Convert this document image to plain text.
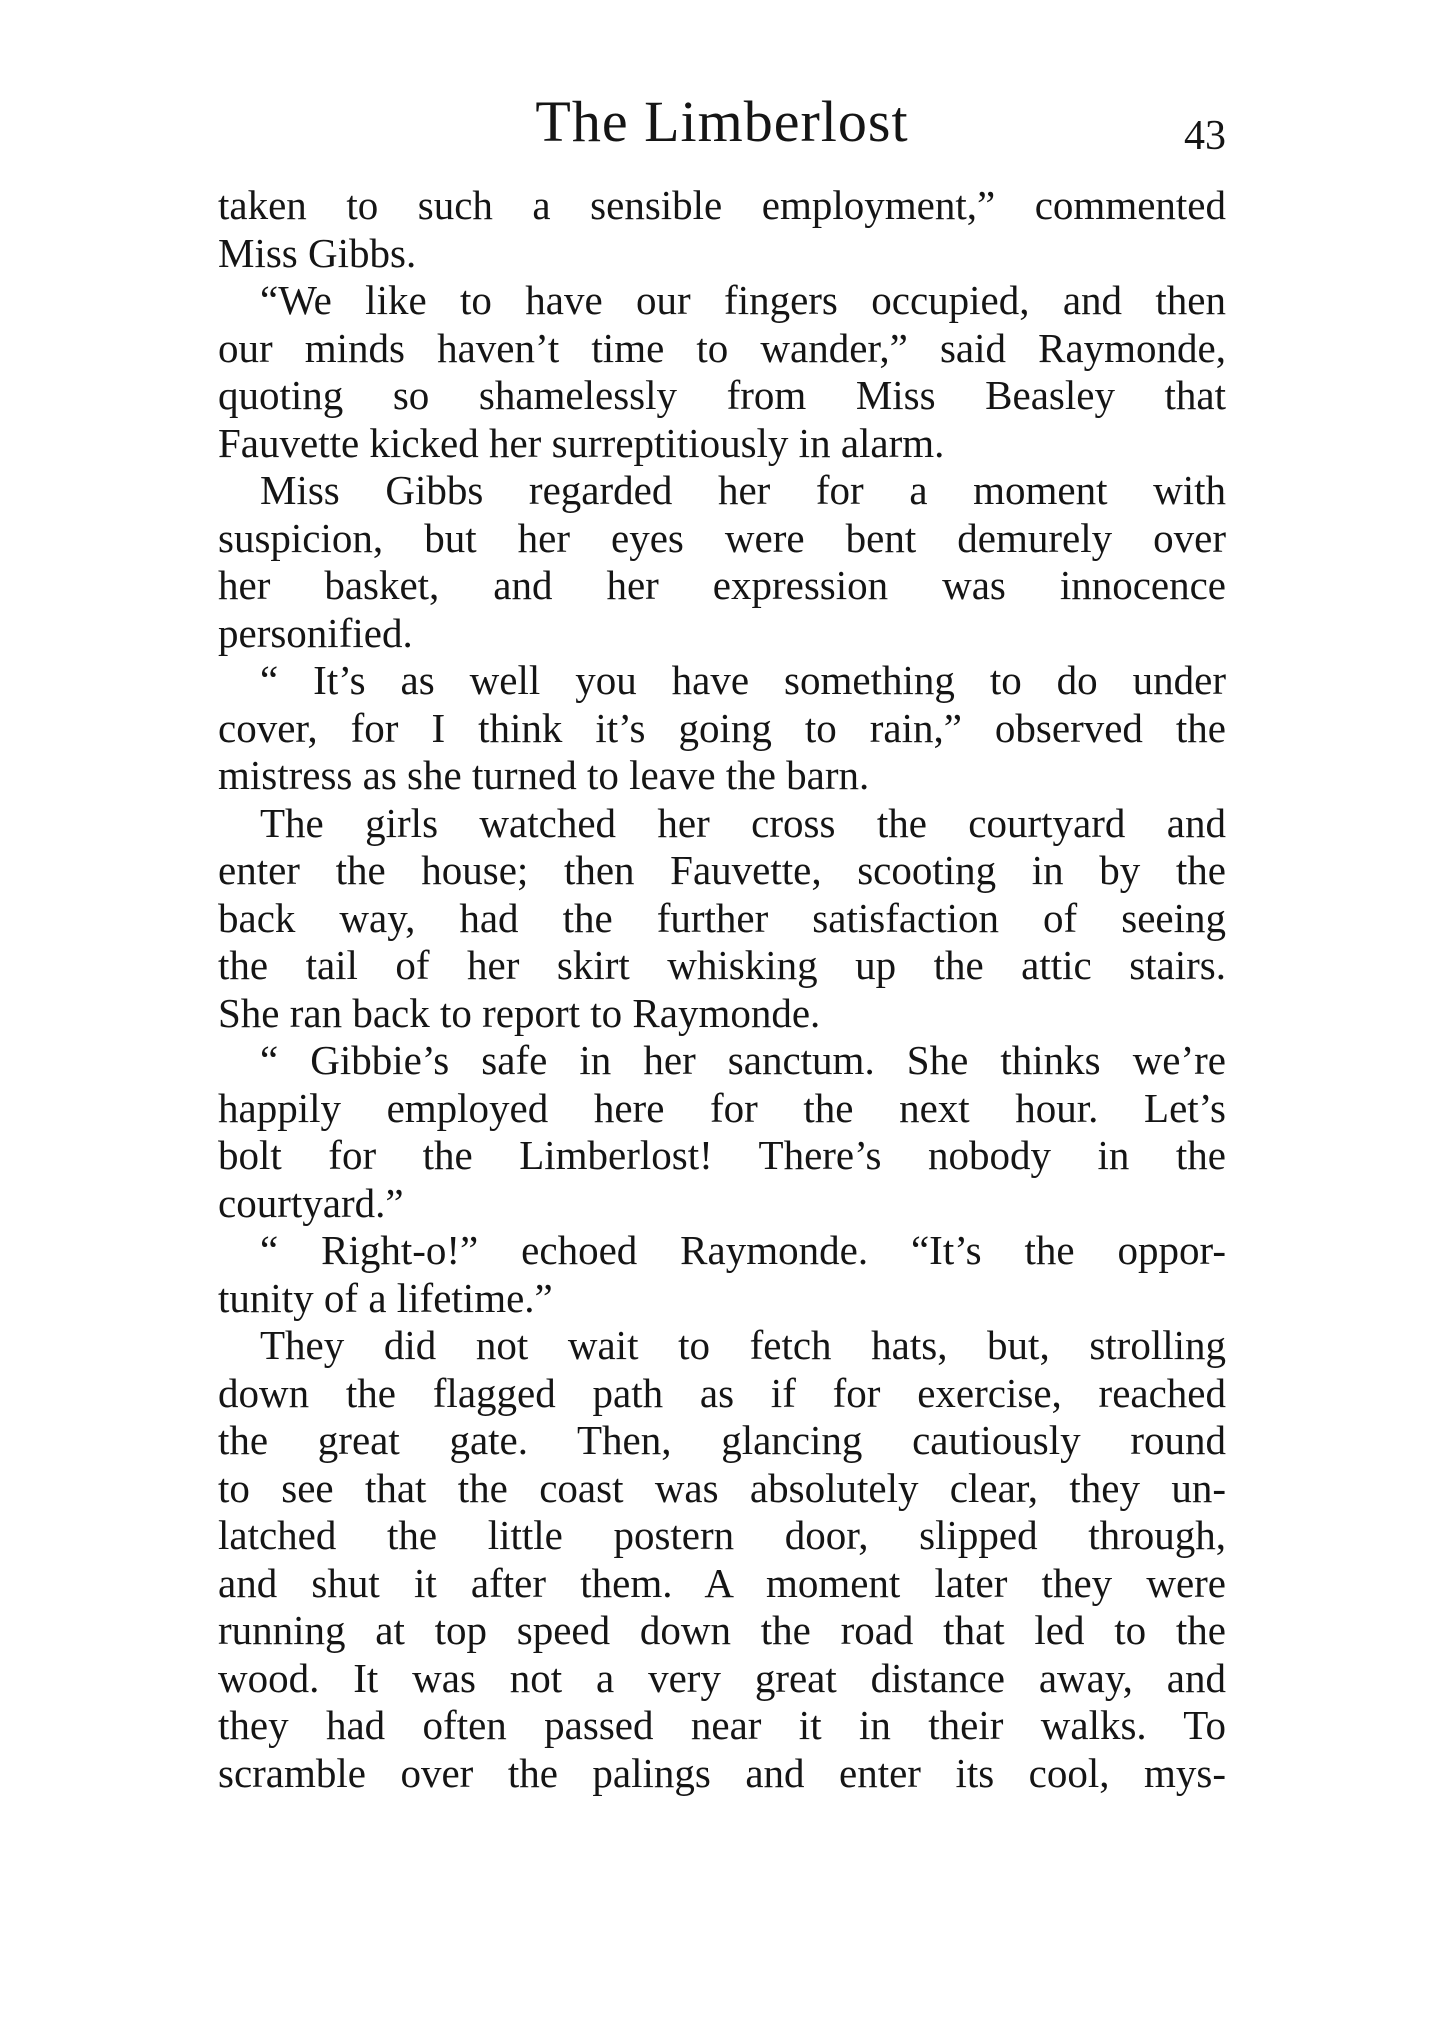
The Limberlost	43
taken to such a sensible employment,” commented
Miss Gibbs.
“We like to have our fingers occupied, and then
our minds haven’t time to wander,” said Raymonde,
quoting so shamelessly from Miss Beasley that
Fauvette kicked her surreptitiously in alarm.
Miss Gibbs regarded her for a moment with
suspicion, but her eyes were bent demurely over
her basket, and her expression was innocence
personified.
“ It’s as well you have something to do under
cover, for I think it’s going to rain,” observed the
mistress as she turned to leave the barn.
The girls watched her cross the courtyard and
enter the house; then Fauvette, scooting in by the
back way, had the further satisfaction of seeing
the tail of her skirt whisking up the attic stairs.
She ran back to report to Raymonde.
“ Gibbie’s safe in her sanctum. She thinks we’re
happily employed here for the next hour. Let’s
bolt for the Limberlost! There’s nobody in the
courtyard.”
“ Right-o!” echoed Raymonde. “It’s the oppor-
tunity of a lifetime.”
They did not wait to fetch hats, but, strolling
down the flagged path as if for exercise, reached
the great gate. Then, glancing cautiously round
to see that the coast was absolutely clear, they un-
latched the little postern door, slipped through,
and shut it after them. A moment later they were
running at top speed down the road that led to the
wood. It was not a very great distance away, and
they had often passed near it in their walks. To
scramble over the palings and enter its cool, mys-
